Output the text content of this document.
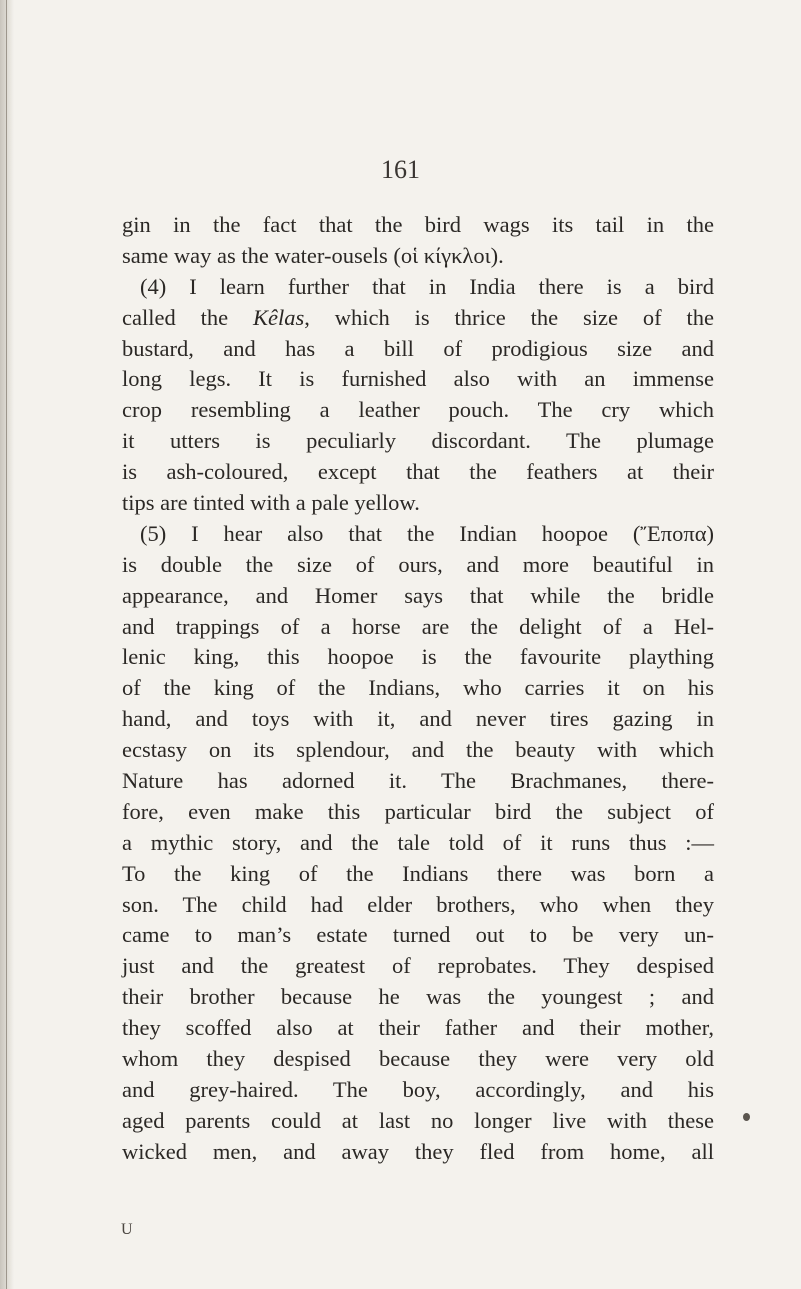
161
gin in the fact that the bird wags its tail in the
same way as the water-ousels (οἱ κίγκλοι).
(4) I learn further that in India there is a bird
called the Kêlas, which is thrice the size of the
bustard, and has a bill of prodigious size and
long legs. It is furnished also with an immense
crop resembling a leather pouch. The cry which
it utters is peculiarly discordant. The plumage
is ash-coloured, except that the feathers at their
tips are tinted with a pale yellow.
(5) I hear also that the Indian hoopoe (Ἔποπα)
is double the size of ours, and more beautiful in
appearance, and Homer says that while the bridle
and trappings of a horse are the delight of a Hel-
lenic king, this hoopoe is the favourite plaything
of the king of the Indians, who carries it on his
hand, and toys with it, and never tires gazing in
ecstasy on its splendour, and the beauty with which
Nature has adorned it. The Brachmanes, there-
fore, even make this particular bird the subject of
a mythic story, and the tale told of it runs thus :—
To the king of the Indians there was born a
son. The child had elder brothers, who when they
came to man’s estate turned out to be very un-
just and the greatest of reprobates. They despised
their brother because he was the youngest ; and
they scoffed also at their father and their mother,
whom they despised because they were very old
and grey-haired. The boy, accordingly, and his
aged parents could at last no longer live with these
wicked men, and away they fled from home, all
U
